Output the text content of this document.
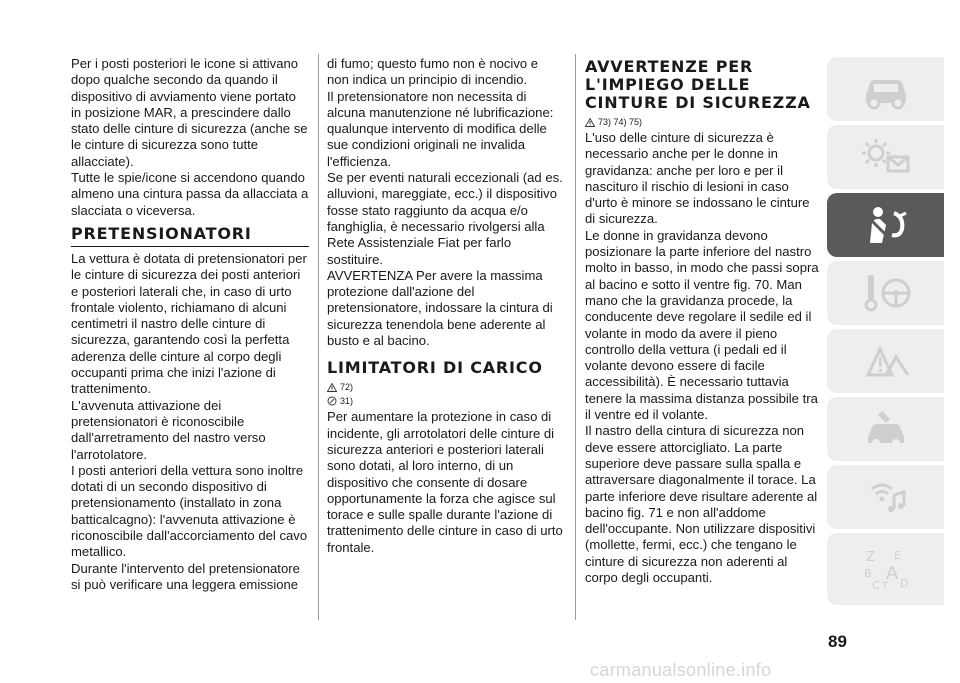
Per i posti posteriori le icone si attivano dopo qualche secondo da quando il dispositivo di avviamento viene portato in posizione MAR, a prescindere dallo stato delle cinture di sicurezza (anche se le cinture di sicurezza sono tutte allacciate).

Tutte le spie/icone si accendono quando almeno una cintura passa da allacciata a slacciata o viceversa.

PRETENSIONATORI

La vettura è dotata di pretensionatori per le cinture di sicurezza dei posti anteriori e posteriori laterali che, in caso di urto frontale violento, richiamano di alcuni centimetri il nastro delle cinture di sicurezza, garantendo così la perfetta aderenza delle cinture al corpo degli occupanti prima che inizi l'azione di trattenimento.

L'avvenuta attivazione dei pretensionatori è riconoscibile dall'arretramento del nastro verso l'arrotolatore.

I posti anteriori della vettura sono inoltre dotati di un secondo dispositivo di pretensionamento (installato in zona batticalcagno): l'avvenuta attivazione è riconoscibile dall'accorciamento del cavo metallico.

Durante l'intervento del pretensionatore si può verificare una leggera emissione

di fumo; questo fumo non è nocivo e non indica un principio di incendio.

Il pretensionatore non necessita di alcuna manutenzione né lubrificazione: qualunque intervento di modifica delle sue condizioni originali ne invalida l'efficienza.

Se per eventi naturali eccezionali (ad es. alluvioni, mareggiate, ecc.) il dispositivo fosse stato raggiunto da acqua e/o fanghiglia, è necessario rivolgersi alla Rete Assistenziale Fiat per farlo sostituire.

AVVERTENZA Per avere la massima protezione dall'azione del pretensionatore, indossare la cintura di sicurezza tenendola bene aderente al busto e al bacino.

LIMITATORI DI CARICO
72)
31)

Per aumentare la protezione in caso di incidente, gli arrotolatori delle cinture di sicurezza anteriori e posteriori laterali sono dotati, al loro interno, di un dispositivo che consente di dosare opportunamente la forza che agisce sul torace e sulle spalle durante l'azione di trattenimento delle cinture in caso di urto frontale.

AVVERTENZE PER L'IMPIEGO DELLE CINTURE DI SICUREZZA
73) 74) 75)

L'uso delle cinture di sicurezza è necessario anche per le donne in gravidanza: anche per loro e per il nascituro il rischio di lesioni in caso d'urto è minore se indossano le cinture di sicurezza.

Le donne in gravidanza devono posizionare la parte inferiore del nastro molto in basso, in modo che passi sopra al bacino e sotto il ventre fig. 70. Man mano che la gravidanza procede, la conducente deve regolare il sedile ed il volante in modo da avere il pieno controllo della vettura (i pedali ed il volante devono essere di facile accessibilità). È necessario tuttavia tenere la massima distanza possibile tra il ventre ed il volante.

Il nastro della cintura di sicurezza non deve essere attorcigliato. La parte superiore deve passare sulla spalla e attraversare diagonalmente il torace. La parte inferiore deve risultare aderente al bacino fig. 71 e non all'addome dell'occupante. Non utilizzare dispositivi (mollette, fermi, ecc.) che tengano le cinture di sicurezza non aderenti al corpo degli occupanti.

Z E
B A
C T D
89
carmanualsonline.info
